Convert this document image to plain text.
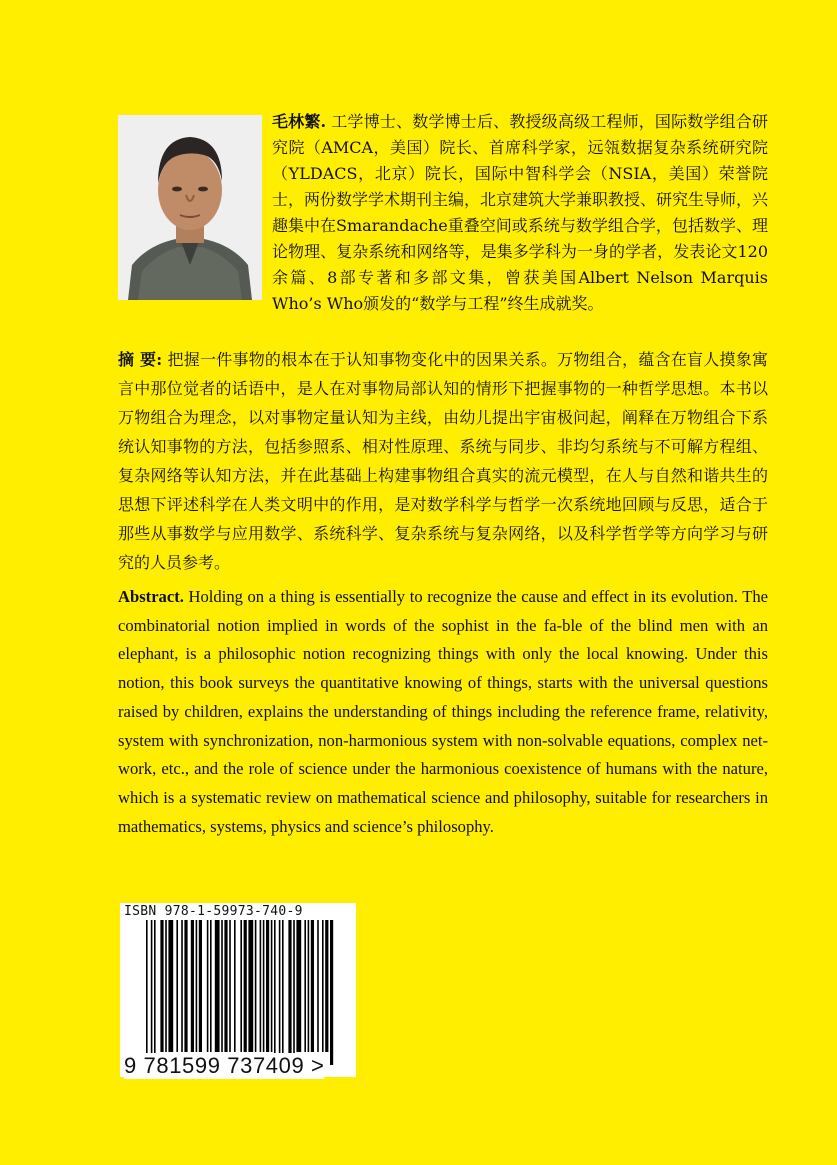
毛林繁. 工学博士、数学博士后、教授级高级工程师，国际数学组合研究院（AMCA，美国）院长、首席科学家，远瓴数据复杂系统研究院（YLDACS，北京）院长，国际中智科学会（NSIA，美国）荣誉院士，两份数学学术期刊主编，北京建筑大学兼职教授、研究生导师，兴趣集中在Smarandache重叠空间或系统与数学组合学，包括数学、理论物理、复杂系统和网络等，是集多学科为一身的学者，发表论文120余篇、8部专著和多部文集，曾获美国Albert Nelson Marquis Who’s Who颁发的“数学与工程”终生成就奖。
摘 要: 把握一件事物的根本在于认知事物变化中的因果关系。万物组合，蕴含在盲人摸象寓言中那位觉者的话语中，是人在对事物局部认知的情形下把握事物的一种哲学思想。本书以万物组合为理念，以对事物定量认知为主线，由幼儿提出宇宙极问起，阐释在万物组合下系统认知事物的方法，包括参照系、相对性原理、系统与同步、非均匀系统与不可解方程组、复杂网络等认知方法，并在此基础上构建事物组合真实的流元模型，在人与自然和谐共生的思想下评述科学在人类文明中的作用，是对数学科学与哲学一次系统地回顾与反思，适合于那些从事数学与应用数学、系统科学、复杂系统与复杂网络，以及科学哲学等方向学习与研究的人员参考。
Abstract. Holding on a thing is essentially to recognize the cause and effect in its evolution. The combinatorial notion implied in words of the sophist in the fa-ble of the blind men with an elephant, is a philosophic notion recognizing things with only the local knowing. Under this notion, this book surveys the quantitative knowing of things, starts with the universal questions raised by children, explains the understanding of things including the reference frame, relativity, system with synchronization, non-harmonious system with non-solvable equations, complex net-work, etc., and the role of science under the harmonious coexistence of humans with the nature, which is a systematic review on mathematical science and philosophy, suitable for researchers in mathematics, systems, physics and science’s philosophy.
ISBN 978-1-59973-740-9
9 781599 737409 >
